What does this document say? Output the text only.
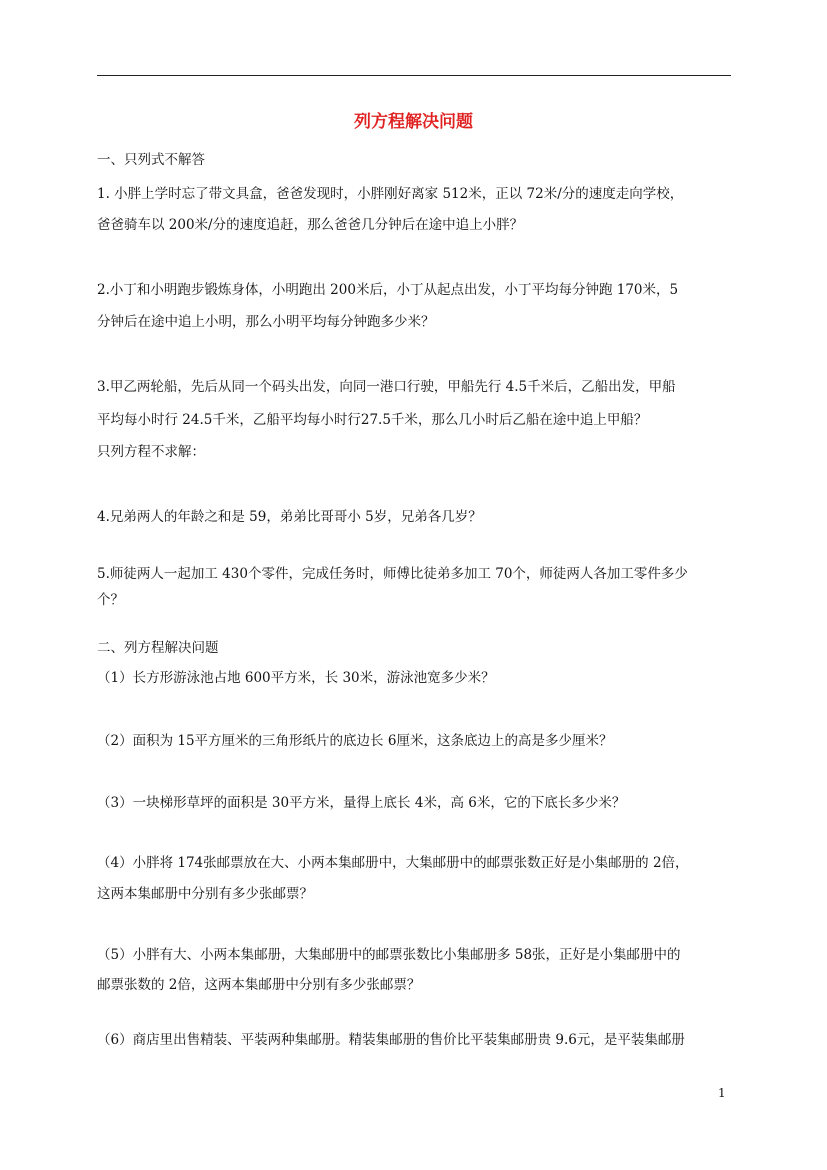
列方程解决问题
一、只列式不解答
1. 小胖上学时忘了带文具盒，爸爸发现时，小胖刚好离家 512米，正以 72米/分的速度走向学校，
爸爸骑车以 200米/分的速度追赶，那么爸爸几分钟后在途中追上小胖？
2.小丁和小明跑步锻炼身体，小明跑出 200米后，小丁从起点出发，小丁平均每分钟跑 170米，5
分钟后在途中追上小明，那么小明平均每分钟跑多少米？
3.甲乙两轮船，先后从同一个码头出发，向同一港口行驶，甲船先行 4.5千米后，乙船出发，甲船
平均每小时行 24.5千米，乙船平均每小时行27.5千米，那么几小时后乙船在途中追上甲船？
只列方程不求解：
4.兄弟两人的年龄之和是 59，弟弟比哥哥小 5岁，兄弟各几岁？
5.师徒两人一起加工 430个零件，完成任务时，师傅比徒弟多加工 70个，师徒两人各加工零件多少
个？
二、列方程解决问题
（1）长方形游泳池占地 600平方米，长 30米，游泳池宽多少米？
（2）面积为 15平方厘米的三角形纸片的底边长 6厘米，这条底边上的高是多少厘米？
（3）一块梯形草坪的面积是 30平方米，量得上底长 4米，高 6米，它的下底长多少米？
（4）小胖将 174张邮票放在大、小两本集邮册中，大集邮册中的邮票张数正好是小集邮册的 2倍，
这两本集邮册中分别有多少张邮票？
（5）小胖有大、小两本集邮册，大集邮册中的邮票张数比小集邮册多 58张，正好是小集邮册中的
邮票张数的 2倍，这两本集邮册中分别有多少张邮票？
（6）商店里出售精装、平装两种集邮册。精装集邮册的售价比平装集邮册贵 9.6元，是平装集邮册
1
